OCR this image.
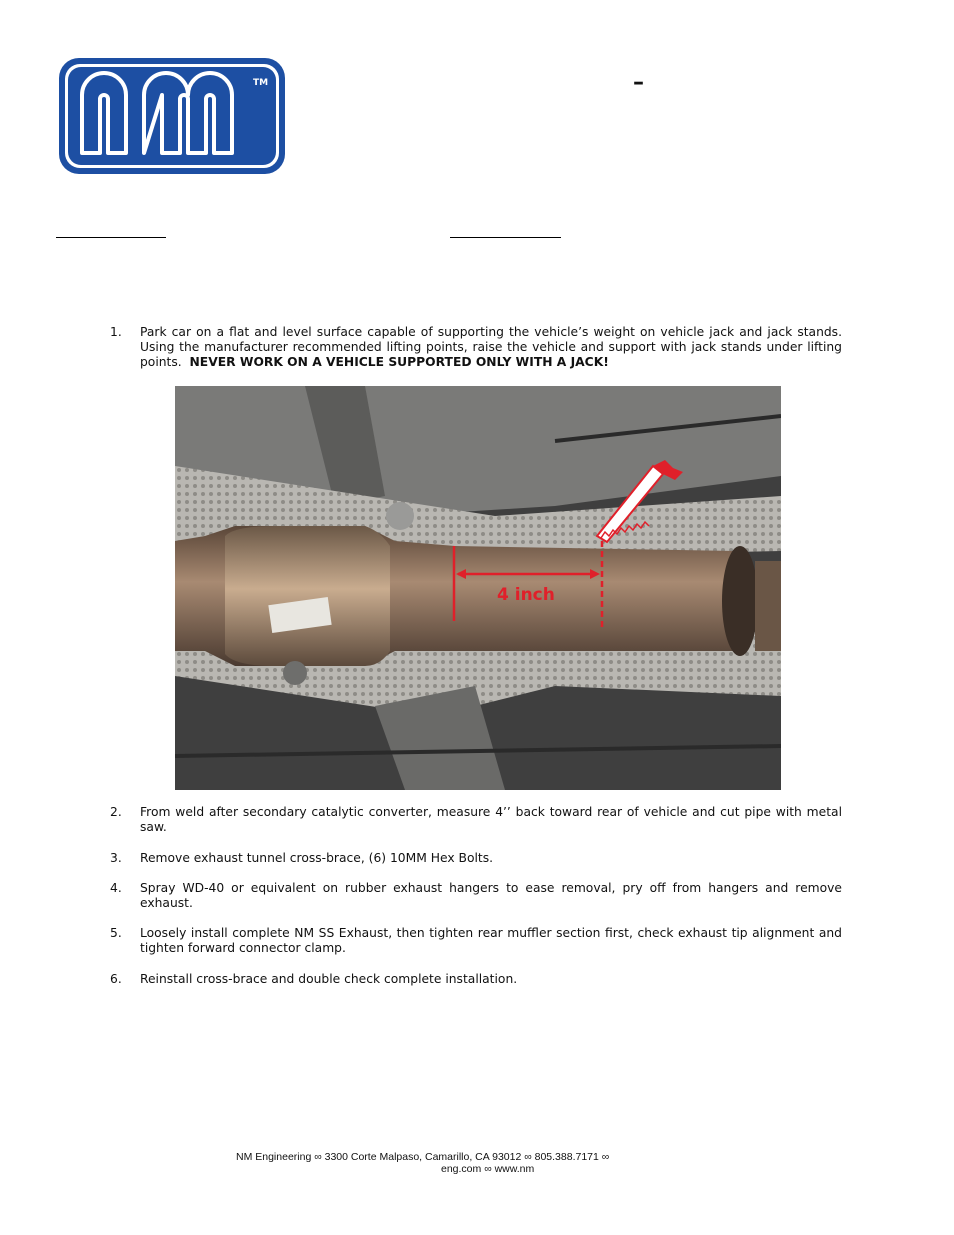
TM	–
1.	Park car on a flat and level surface capable of supporting the vehicle’s weight on vehicle jack and jack stands. Using the manufacturer recommended lifting points, raise the vehicle and support with jack stands under lifting points. NEVER WORK ON A VEHICLE SUPPORTED ONLY WITH A JACK!
2.	From weld after secondary catalytic converter, measure 4’’ back toward rear of vehicle and cut pipe with metal saw.
3.	Remove exhaust tunnel cross-brace, (6) 10MM Hex Bolts.
4.	Spray WD-40 or equivalent on rubber exhaust hangers to ease removal, pry off from hangers and remove exhaust.
5.	Loosely install complete NM SS Exhaust, then tighten rear muffler section first, check exhaust tip alignment and tighten forward connector clamp.
6.	Reinstall cross-brace and double check complete installation.
4 inch
NM Engineering ∞ 3300 Corte Malpaso, Camarillo, CA 93012 ∞ 805.388.7171 ∞
eng.com ∞ www.nm
